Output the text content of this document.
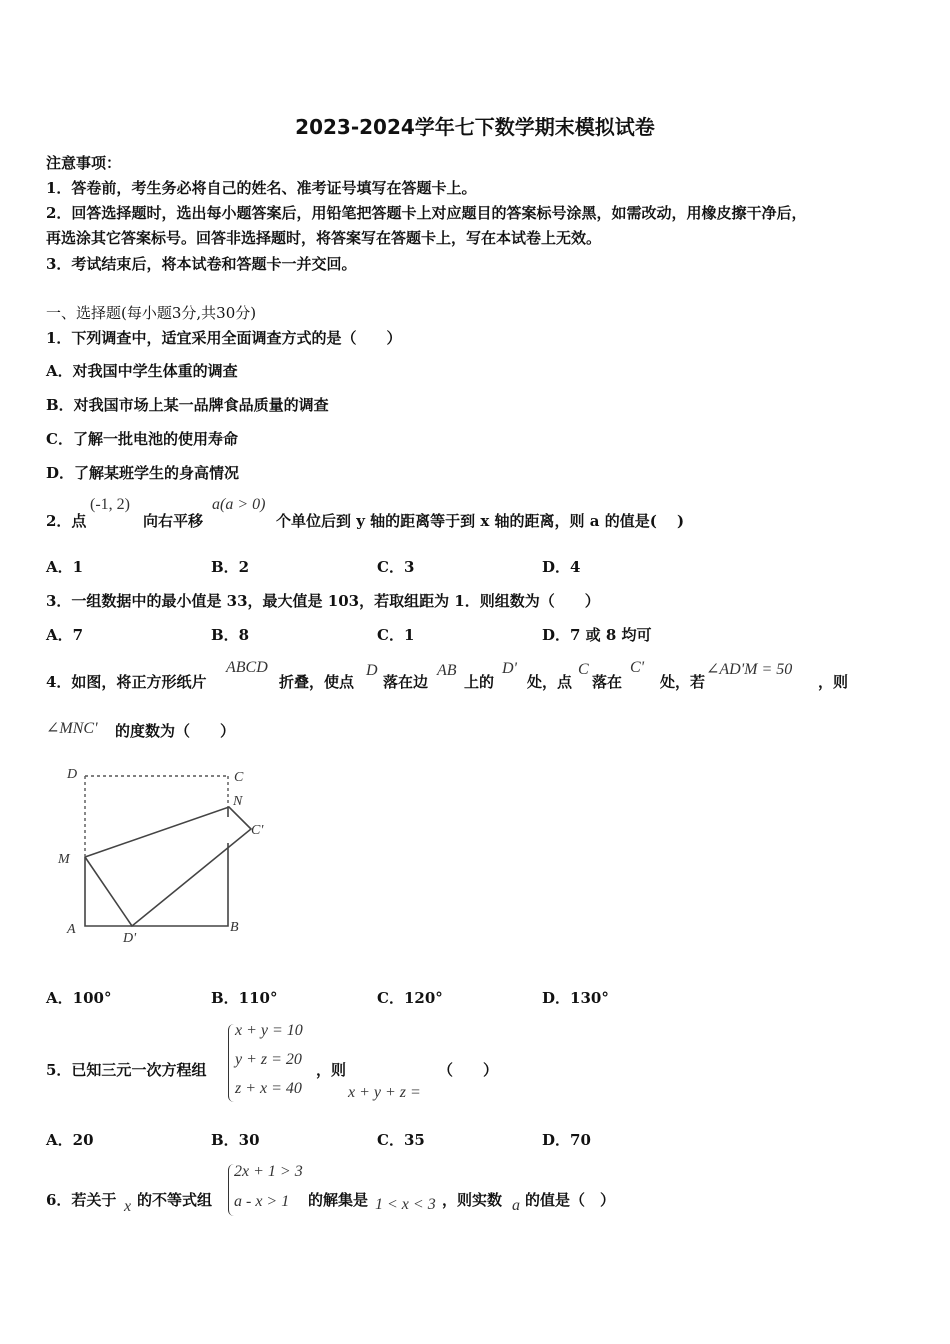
2023-2024学年七下数学期末模拟试卷
注意事项：
1．答卷前，考生务必将自己的姓名、准考证号填写在答题卡上。
2．回答选择题时，选出每小题答案后，用铅笔把答题卡上对应题目的答案标号涂黑，如需改动，用橡皮擦干净后，
再选涂其它答案标号。回答非选择题时，将答案写在答题卡上，写在本试卷上无效。
3．考试结束后，将本试卷和答题卡一并交回。
一、选择题(每小题3分,共30分)
1．下列调查中，适宜采用全面调查方式的是（　　）
A．对我国中学生体重的调查
B．对我国市场上某一品牌食品质量的调查
C．了解一批电池的使用寿命
D．了解某班学生的身高情况
2．点
(-1, 2)
向右平移
a(a > 0)
个单位后到 y 轴的距离等于到 x 轴的距离，则 a 的值是(　 )
A．1	B．2	C．3	D．4
3．一组数据中的最小值是 33，最大值是 103，若取组距为 1．则组数为（　　）
A．7	B．8	C．1	D．7 或 8 均可
4．如图，将正方形纸片
ABCD
折叠，使点
D
落在边
AB
上的
D'
处，点
C
落在
C'
处，若
∠AD'M = 50
，则
∠MNC' 的度数为（　　）
D	C
N
C'
M
A
D'
B
A．100°	B．110°	C．120°	D．130°
5．已知三元一次方程组
x + y = 10
y + z = 20
z + x = 40
，则
x + y + z =
（　　）
A．20	B．30	C．35	D．70
6．若关于 x 的不等式组
2x + 1 > 3
a - x > 1 的解集是 1 < x < 3 ，则实数 a 的值是（　）
